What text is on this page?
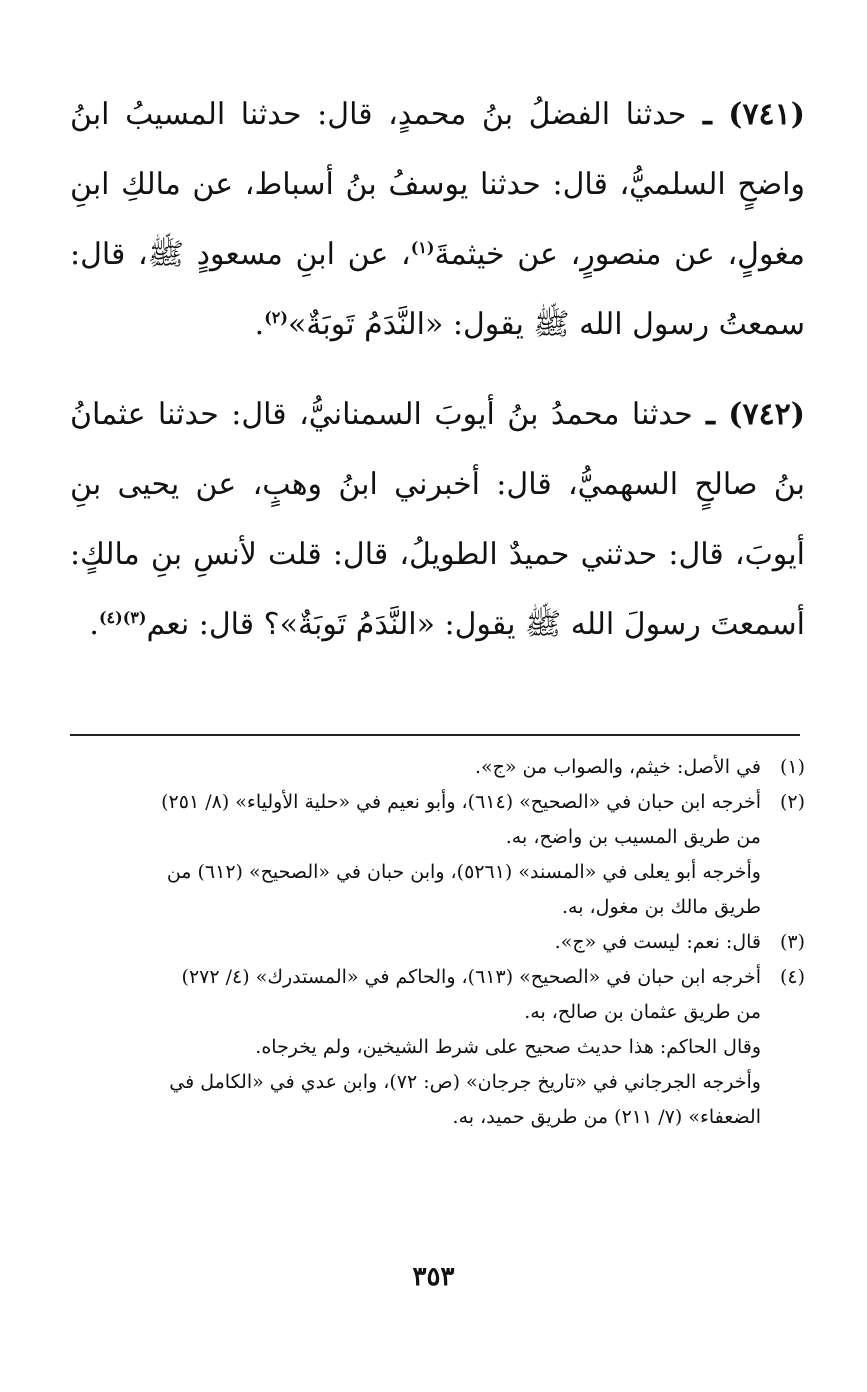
(٧٤١) ـ حدثنا الفضلُ بنُ محمدٍ، قال: حدثنا المسيبُ ابنُ واضحٍ السلميُّ، قال: حدثنا يوسفُ بنُ أسباط، عن مالكِ ابنِ مغولٍ، عن منصورٍ، عن خيثمةَ$^{(١)}$، عن ابنِ مسعودٍ ﷺ، قال: سمعتُ رسول الله ﷺ يقول: «النَّدَمُ تَوبَةٌ»$^{(٢)}$.

(٧٤٢) ـ حدثنا محمدُ بنُ أيوبَ السمنانيُّ، قال: حدثنا عثمانُ بنُ صالحٍ السهميُّ، قال: أخبرني ابنُ وهبٍ، عن يحيى بنِ أيوبَ، قال: حدثني حميدٌ الطويلُ، قال: قلت لأنسِ بنِ مالكٍ: أسمعتَ رسولَ الله ﷺ يقول: «النَّدَمُ تَوبَةٌ»؟ قال: نعم$^{(٣)(٤)}$.

(١)
في الأصل: خيثم، والصواب من «ج».
(٢)
أخرجه ابن حبان في «الصحيح» (٦١٤)، وأبو نعيم في «حلية الأولياء» (٨/ ٢٥١)
من طريق المسيب بن واضح، به.
وأخرجه أبو يعلى في «المسند» (٥٢٦١)، وابن حبان في «الصحيح» (٦١٢) من
طريق مالك بن مغول، به.
(٣)
قال: نعم: ليست في «ج».
(٤)
أخرجه ابن حبان في «الصحيح» (٦١٣)، والحاكم في «المستدرك» (٤/ ٢٧٢)
من طريق عثمان بن صالح، به.
وقال الحاكم: هذا حديث صحيح على شرط الشيخين، ولم يخرجاه.
وأخرجه الجرجاني في «تاريخ جرجان» (ص: ٧٢)، وابن عدي في «الكامل في
الضعفاء» (٧/ ٢١١) من طريق حميد، به.
٣٥٣
